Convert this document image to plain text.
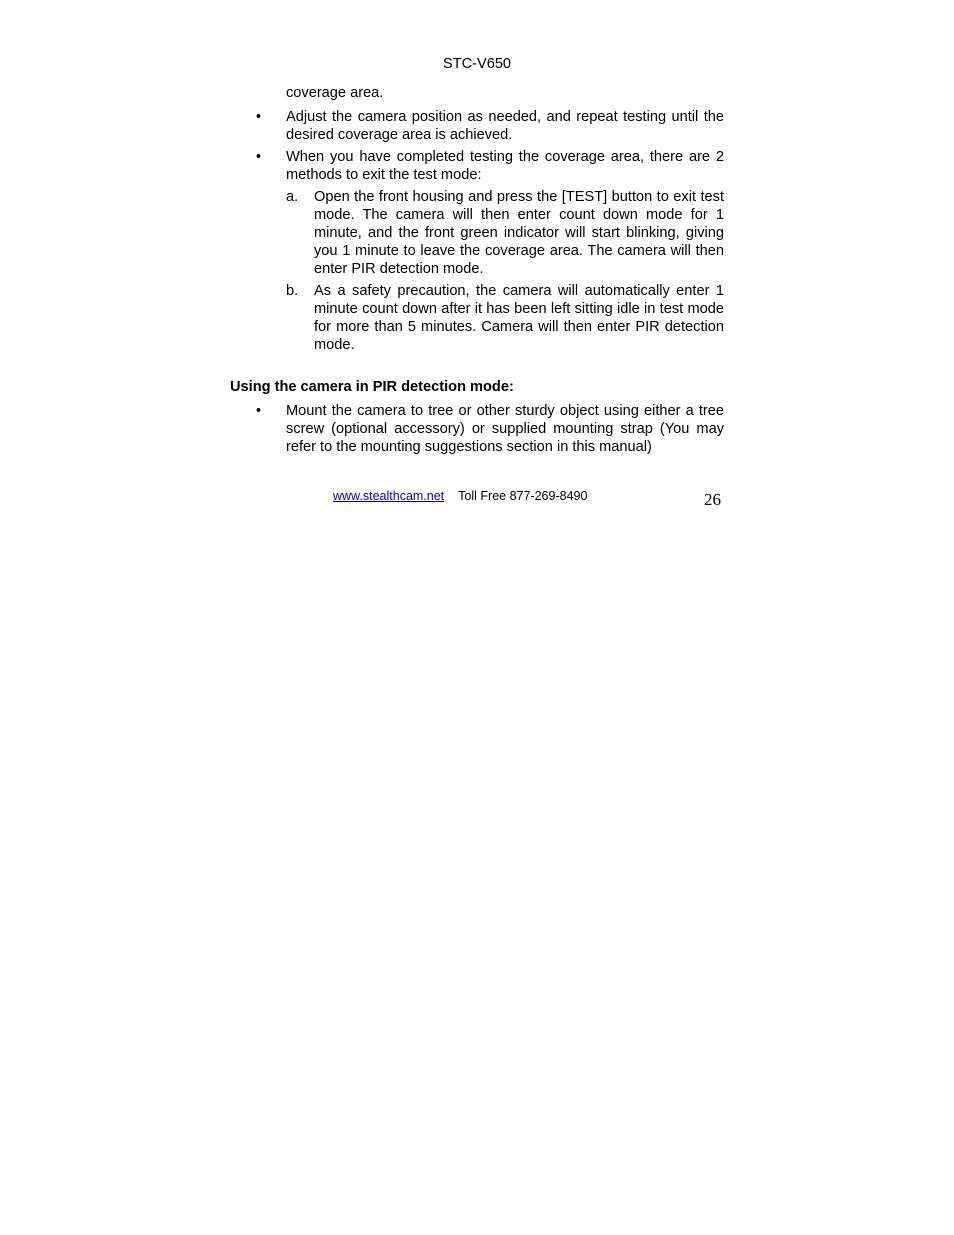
STC-V650
coverage area.
• Adjust the camera position as needed, and repeat testing until the desired coverage area is achieved.
• When you have completed testing the coverage area, there are 2 methods to exit the test mode:
a. Open the front housing and press the [TEST] button to exit test mode. The camera will then enter count down mode for 1 minute, and the front green indicator will start blinking, giving you 1 minute to leave the coverage area. The camera will then enter PIR detection mode.
b. As a safety precaution, the camera will automatically enter 1 minute count down after it has been left sitting idle in test mode for more than 5 minutes. Camera will then enter PIR detection mode.
Using the camera in PIR detection mode:
• Mount the camera to tree or other sturdy object using either a tree screw (optional accessory) or supplied mounting strap (You may refer to the mounting suggestions section in this manual)
www.stealthcam.net Toll Free 877-269-8490	26
